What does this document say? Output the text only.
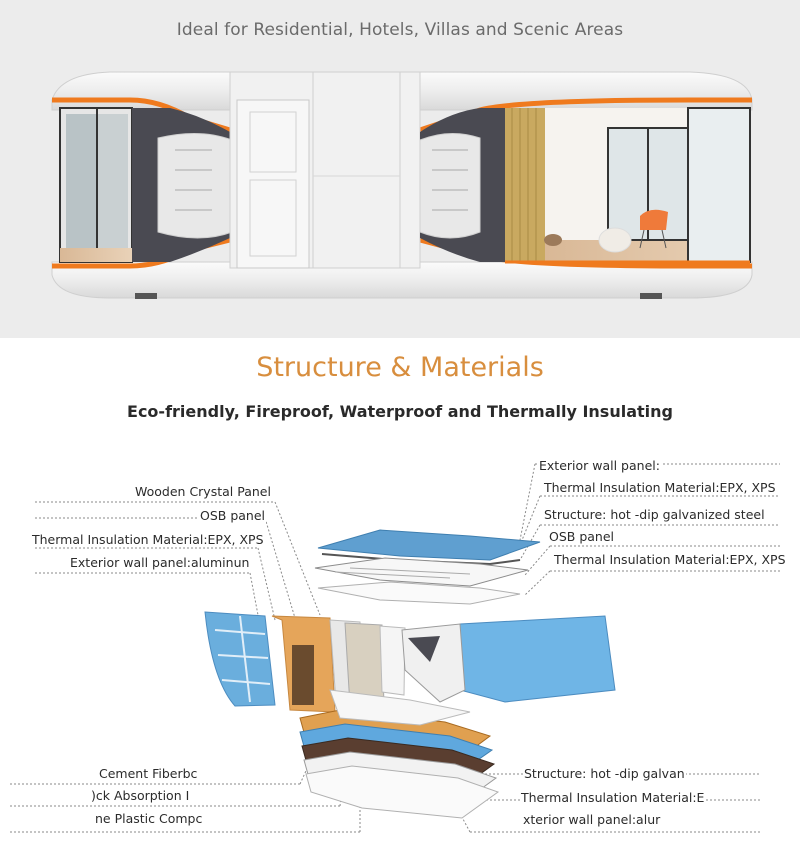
Ideal for Residential, Hotels, Villas and Scenic Areas
Structure & Materials
Eco-friendly, Fireproof, Waterproof and Thermally Insulating
Wooden Crystal Panel
OSB panel
Thermal Insulation Material:EPX, XPS
Exterior wall panel:aluminun
Exterior wall panel:
Thermal Insulation Material:EPX, XPS
Structure: hot -dip galvanized steel
OSB panel
Thermal Insulation Material:EPX, XPS
Cement Fiberbc
)ck Absorption I
ne Plastic Compc
Structure: hot -dip galvan
Thermal Insulation Material:E
xterior wall panel:alur
